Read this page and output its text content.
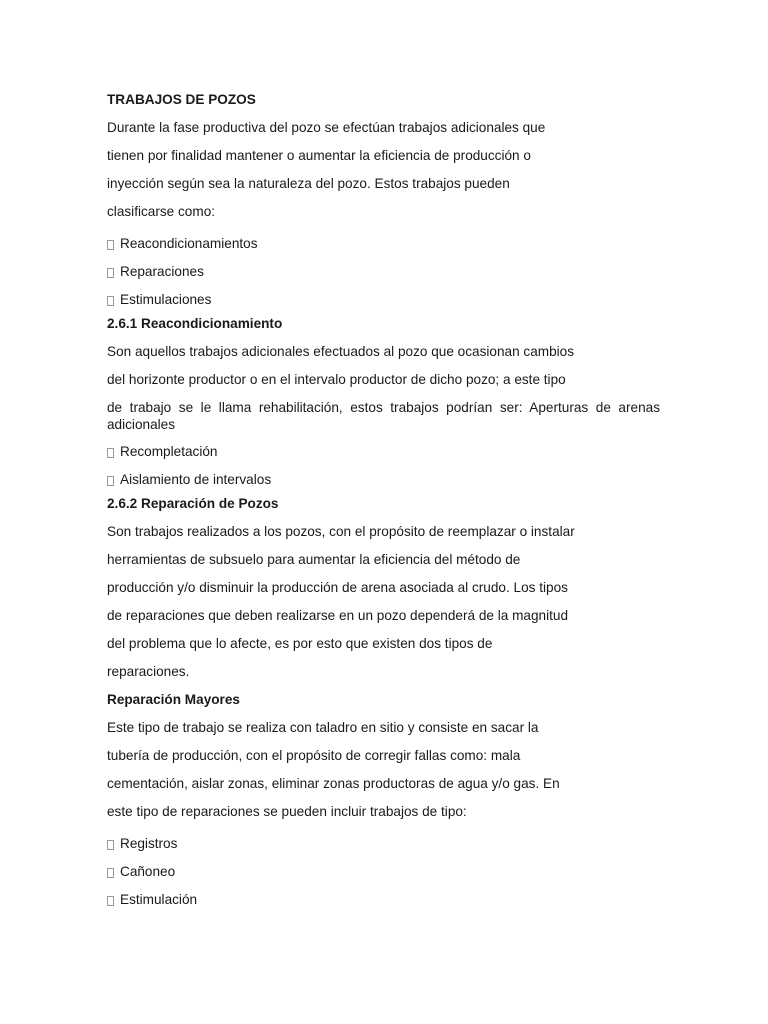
TRABAJOS DE POZOS
Durante la fase productiva del pozo se efectúan trabajos adicionales que
tienen por finalidad mantener o aumentar la eficiencia de producción o
inyección según sea la naturaleza del pozo. Estos trabajos pueden
clasificarse como:
Reacondicionamientos
Reparaciones
Estimulaciones
2.6.1 Reacondicionamiento
Son aquellos trabajos adicionales efectuados al pozo que ocasionan cambios
del horizonte productor o en el intervalo productor de dicho pozo; a este tipo
de trabajo se le llama rehabilitación, estos trabajos podrían ser: Aperturas de arenas adicionales
Recompletación
Aislamiento de intervalos
2.6.2 Reparación de Pozos
Son trabajos realizados a los pozos, con el propósito de reemplazar o instalar
herramientas de subsuelo para aumentar la eficiencia del método de
producción y/o disminuir la producción de arena asociada al crudo. Los tipos
de reparaciones que deben realizarse en un pozo dependerá de la magnitud
del problema que lo afecte, es por esto que existen dos tipos de
reparaciones.
Reparación Mayores
Este tipo de trabajo se realiza con taladro en sitio y consiste en sacar la
tubería de producción, con el propósito de corregir fallas como: mala
cementación, aislar zonas, eliminar zonas productoras de agua y/o gas. En
este tipo de reparaciones se pueden incluir trabajos de tipo:
Registros
Cañoneo
Estimulación
